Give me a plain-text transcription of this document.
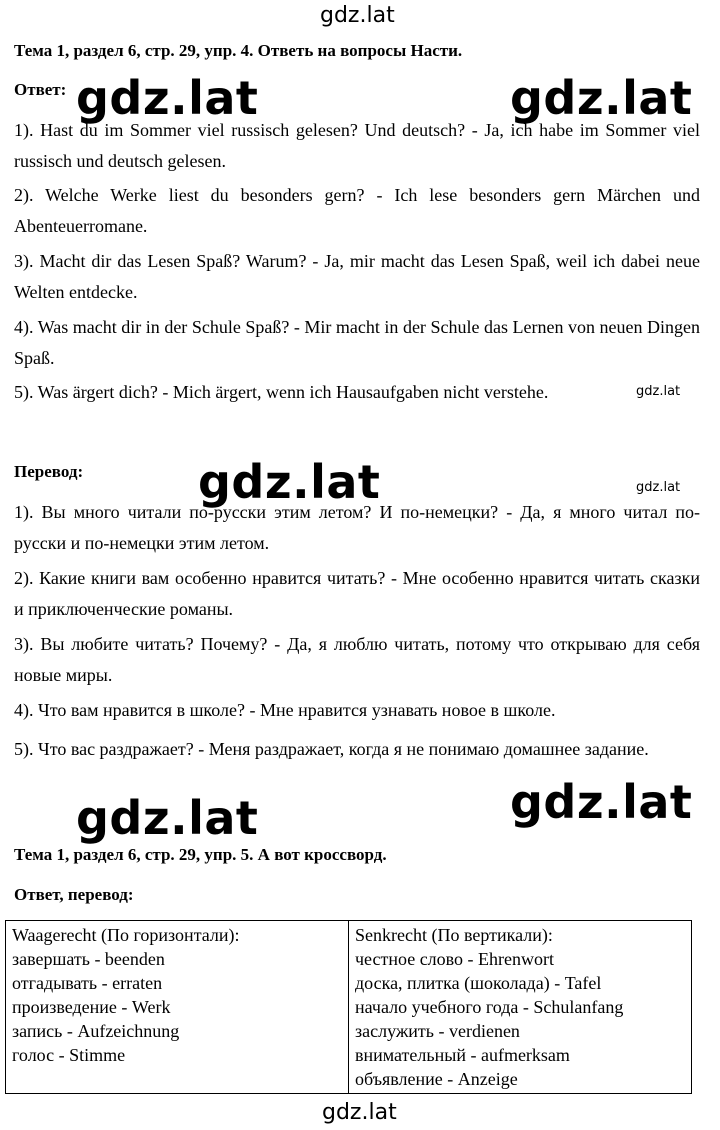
gdz.lat
gdz.lat	gdz.lat
gdz.lat
gdz.lat	gdz.lat
gdz.lat
gdz.lat
gdz.lat
Тема 1, раздел 6, стр. 29, упр. 4. Ответь на вопросы Насти.
Ответ:
1). Hast du im Sommer viel russisch gelesen? Und deutsch? - Ja, ich habe im Sommer viel russisch und deutsch gelesen.
2). Welche Werke liest du besonders gern? - Ich lese besonders gern Märchen und Abenteuerromane.
3). Macht dir das Lesen Spaß? Warum? - Ja, mir macht das Lesen Spaß, weil ich dabei neue Welten entdecke.
4). Was macht dir in der Schule Spaß? - Mir macht in der Schule das Lernen von neuen Dingen Spaß.
5). Was ärgert dich? - Mich ärgert, wenn ich Hausaufgaben nicht verstehe.
Перевод:
1). Вы много читали по-русски этим летом? И по-немецки? - Да, я много читал по-русски и по-немецки этим летом.
2). Какие книги вам особенно нравится читать? - Мне особенно нравится читать сказки и приключенческие романы.
3). Вы любите читать? Почему? - Да, я люблю читать, потому что открываю для себя новые миры.
4). Что вам нравится в школе? - Мне нравится узнавать новое в школе.
5). Что вас раздражает? - Меня раздражает, когда я не понимаю домашнее задание.
Тема 1, раздел 6, стр. 29, упр. 5. А вот кроссворд.
Ответ, перевод:
Waagerecht (По горизонтали):
завершать - beenden
отгадывать - erraten
произведение - Werk
запись - Aufzeichnung
голос - Stimme

Senkrecht (По вертикали):
честное слово - Ehrenwort
доска, плитка (шоколада) - Tafel
начало учебного года - Schulanfang
заслужить - verdienen
внимательный - aufmerksam
объявление - Anzeige
